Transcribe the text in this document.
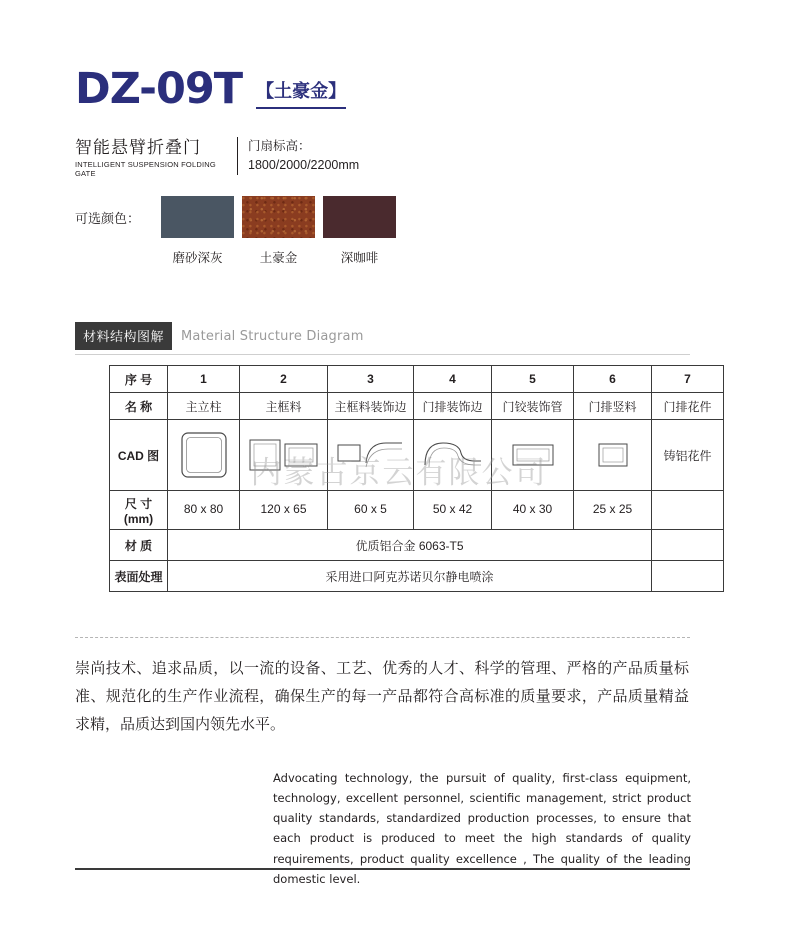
DZ-09T 【土豪金】
智能悬臂折叠门
INTELLIGENT SUSPENSION FOLDING GATE
门扇标高：
1800/2000/2200mm
可选颜色：
磨砂深灰	土豪金	深咖啡
材料结构图解	Material Structure Diagram
序 号	1	2	3	4	5	6	7
名 称	主立柱	主框料	主框料装饰边	门排装饰边	门铰装饰管	门排竖料	门排花件
CAD 图							铸铝花件

尺 寸
(mm)	80 x 80	120 x 65	60 x 5	50 x 42	40 x 30	25 x 25	
材 质	优质铝合金 6063-T5						
表面处理	采用进口阿克苏诺贝尔静电喷涂						
内蒙古京云有限公司
崇尚技术、追求品质，以一流的设备、工艺、优秀的人才、科学的管理、严格的产品质量标准、规范化的生产作业流程，确保生产的每一产品都符合高标准的质量要求，产品质量精益求精，品质达到国内领先水平。
Advocating technology, the pursuit of quality, first-class equipment, technology, excellent personnel, scientific management, strict product quality standards, standardized production processes, to ensure that each product is produced to meet the high standards of quality requirements, product quality excellence , The quality of the leading domestic level.
